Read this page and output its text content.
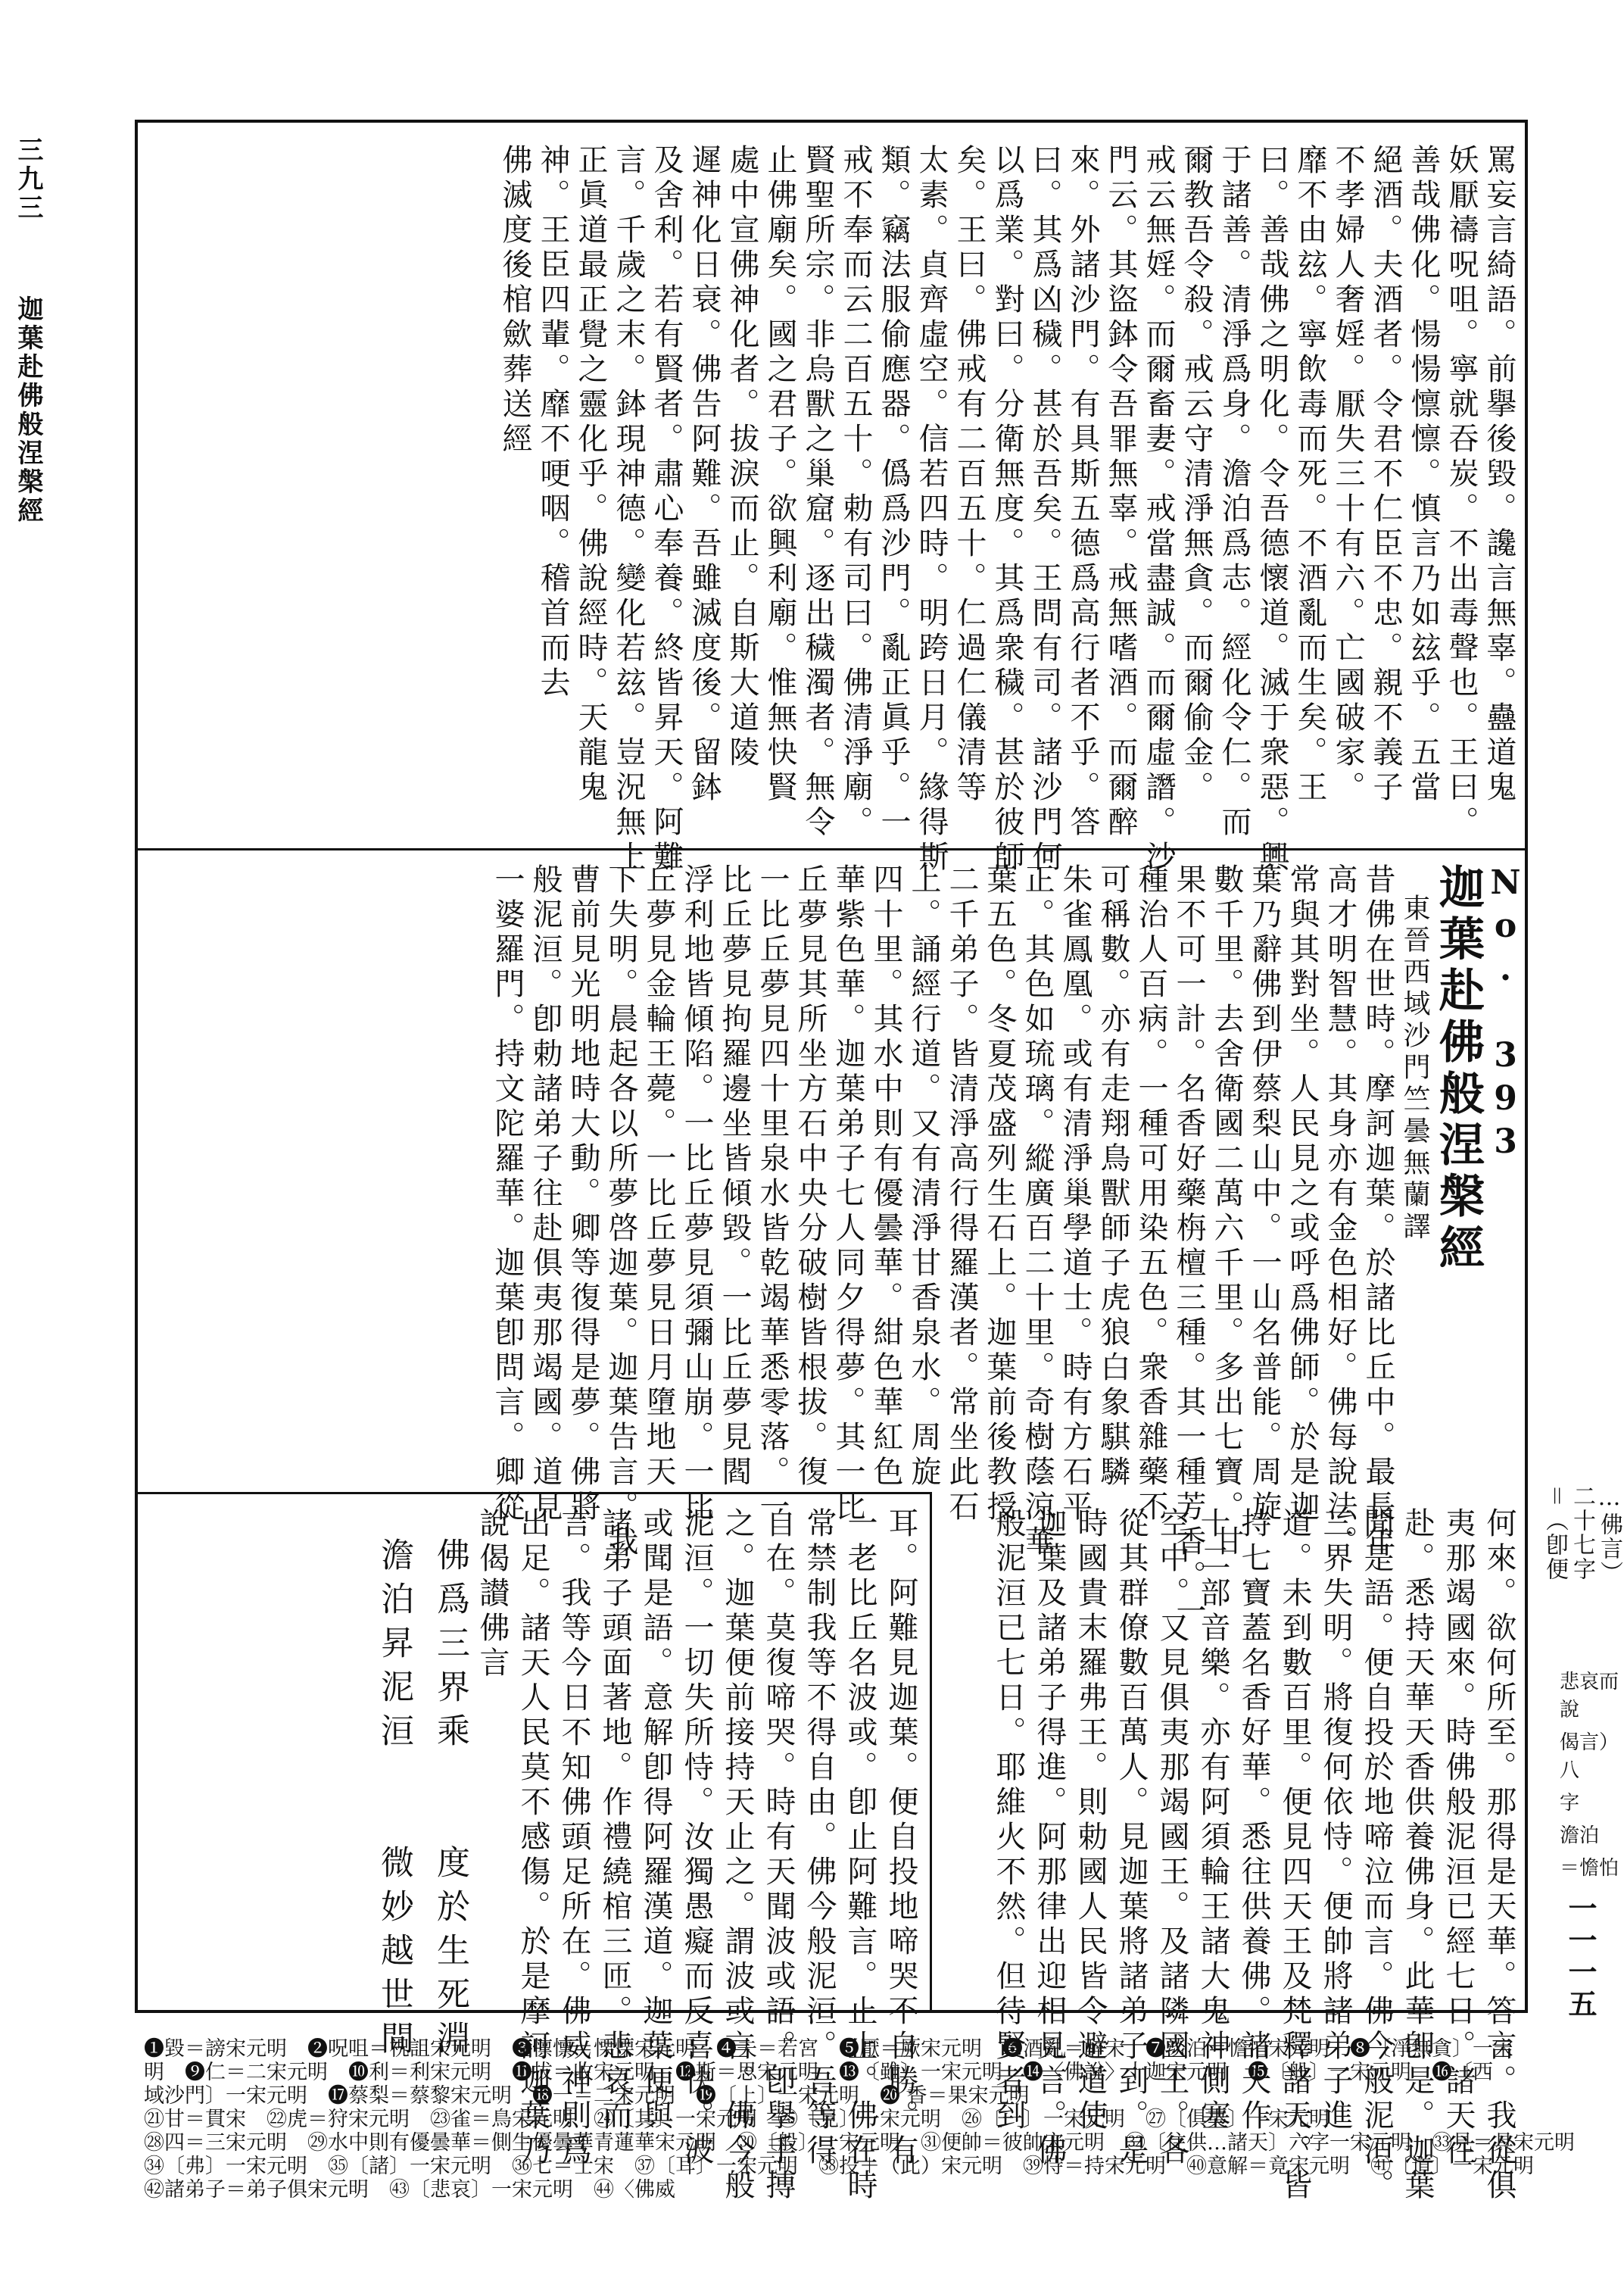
三九三
迦葉赴佛般涅槃經	罵妄言綺語。前擧後毀。讒言無辜。蠱道鬼
妖厭禱呪咀。寧就吞炭。不出毒聲也。王曰。
善哉佛化。愓愓懔懔。慎言乃如玆乎。五當
絕酒。夫酒者。令君不仁臣不忠。親不義子
不孝婦人奢婬。厭失三十有六。亡國破家。
靡不由玆。寧飲毒而死。不酒亂而生矣。王
曰。善哉佛之明化。令吾德懷道。滅于衆惡。興
于諸善。清淨爲身。澹泊爲志。經化令仁。而
爾教吾令殺。戒云守清淨無貪。而爾偷金。
戒云無婬。而爾畜妻。戒當盡誠。而爾虛譖。沙
門云。其盜鉢令吾罪無辜。戒無嗜酒。而爾醉
來。外諸沙門。有具斯五德爲高行者不乎。答
曰。其爲凶穢。甚於吾矣。王問有司。諸沙門何
以爲業。對曰。分衛無度。其爲衆穢。甚於彼師
矣。王曰。佛戒有二百五十。仁過仁儀清等
太素。貞齊虛空。信若四時。明跨日月。緣得斯
類。竊法服偷應器。僞爲沙門。亂正眞乎。一
戒不奉而云二百五十。勅有司曰。佛清淨廟。
賢聖所宗。非烏獸之巢窟。逐出穢濁者。無令
止佛廟矣。國之君子。欲興利廟。惟無快賢
處中宣佛神化者。拔淚而止。自斯大道陵
遲神化日衰。佛告阿難。吾雖滅度後。留鉢
及舍利。若有賢者。肅心奉養。終皆昇天。阿難
言。千歲之末。鉢現神德。變化若玆。豈況無上
正眞道最正覺之靈化乎。佛說經時。天龍鬼
神。王臣四輩。靡不哽咽。稽首而去
佛滅度後棺歛葬送經
No. 393
迦葉赴佛般涅槃經
東晉西域沙門竺曇無蘭譯
昔佛在世時。摩訶迦葉。於諸比丘中。最長年
高才明智慧。其身亦有金色相好。佛每說法。
常與其對坐。人民見之或呼爲佛師。於是迦
葉乃辭佛到伊蔡梨山中。一山名普能。周旋
數千里。去舍衛國二萬六千里。多出七寶。甘
果不可一計。名香好藥栴檀三種。其一種芳香。一
種治人百病。一種可用染五色。衆香雜藥不
可稱數。亦有走翔鳥獸師子虎狼白象騏驎
朱雀鳳凰。或有清淨巢學道士。時有方石平
正。其色如琉璃。縱廣百二十里。奇樹蔭涼華
葉五色。冬夏茂盛列生石上。迦葉前後教授
二千弟子。皆清淨高行得羅漢者。常坐此石
上。誦經行道。又有清淨甘香泉水。周旋
四十里。其水中則有優曇華。紺色華紅色
華紫色華。迦葉弟子七人同夕得夢。其一比
丘夢見其所坐方石中央分破樹皆根拔。復
一比丘夢見四十里泉水皆乾竭華悉零落。一
比丘夢見拘羅邊坐皆傾毀。一比丘夢見閻
浮利地皆傾陷。一比丘夢見須彌山崩。一比
丘夢見金輪王薨。一比丘夢見日月墮地天
下失明。晨起各以所夢啓迦葉。迦葉告言。我
曹前見光明地時大動。卿等復得是夢。佛將
般泥洹。卽勅諸弟子往赴俱夷那竭國。道見
一婆羅門。持文陀羅華。迦葉卽問言。卿從
何來。欲何所至。那得是天華。答言。我從俱
夷那竭國來。時佛般泥洹已經七日。諸天往
赴。悉持天華天香供養佛身。此華卽是。迦葉
聞是語。便自投於地啼泣而言。佛今般泥洹。
三界失明。將復何依恃。便帥將諸弟子進
道。未到數百里。便見四天王及梵釋諸天。皆
持七寶蓋名香好華。悉往供養佛。諸天作
十二部音樂。亦有阿須輪王諸大鬼神側塞
空中。又見俱夷那竭國王。及諸隣國王。各
從其群僚數百萬人。見迦葉將諸弟子到。是
時國貴末羅弗王。則勅國人民皆令避道使
迦葉及諸弟子得進。阿那律出迎相見言。佛
般泥洹已七日。耶維火不然。但待賢者到
耳。阿難見迦葉。便自投地啼哭不自勝。有
一老比丘名波或。卽止阿難言。止止。佛在時
常禁制我等不得自由。佛今般泥洹。吾等得
自在。莫復啼哭。時有天聞波或語。卽擧手搏
之。迦葉便前接持天止之。謂波或言。佛今般
泥洹。一切失所恃。汝獨愚癡而反喜快。波
或聞是語。意解卽得阿羅漢道。迦葉便與
諸弟子頭面著地。作禮繞棺三匝。悲哀而
言。我等今日不知佛頭足所在。佛威神則爲
出足。諸天人民莫不感傷。於是摩訶迦葉乃
說偈讃佛言
佛爲三界乘　　度於生死淵
澹泊昇泥洹　　微妙越世間
…佛言）
二十七字
＝（卽便
悲哀而說
偈言）八
字
澹泊
＝憺怕
一一一五
❶毀＝謗宋元明　❷呪咀＝祝詛宋元明　❸懔懔＝慄慄宋元明　❹夫＝若宮　❺厭＝厥宋元明　❻酒亂＝醉宋　❼淡泊＝憺怕宋元明　❽〔淨無貪〕一宋
明　❾仁＝二宋元明　❿利＝利宋元明　⓫拔＝收宋元明　⓬斯＝思宋元明　⓭〔雖〕一宋元明　⓮〈佛說〉十迦宋元明　⓯〔般〕一宋元明　⓰〔西
域沙門〕一宋元明　⓱蔡梨＝蔡黎宋元明　⓲一＝二宋元明　⓳〔上〕一宋元明　⓴ 香＝果宋元明
㉑甘＝貫宋　㉒虎＝狩宋元明　㉓雀＝鳥宋元明　㉔〔其〕一宋元明　㉕〔見〕一宋元明　㉖〔一〕一宋元明　㉗〔俱夷〕一宋元明
㉘四＝三宋元明　㉙水中則有優曇華＝側生優曇華青蓮華宋元明　㉚〔般〕一宋元明　㉛便帥＝彼帥宋元明　㉜〔往供…諸天〕六字一宋元明　㉝見＝具宋元明
㉞〔弗〕一宋元明　㉟〔諸〕一宋元明　㊱七＝士宋　㊲〔耳〕一宋元明　㊳投＋（此）宋元明　㊴恃＝持宋元明　㊵意解＝竟宋元明　㊶〔道〕一宋元明
㊷諸弟子＝弟子俱宋元明　㊸〔悲哀〕一宋元明　㊹〈佛威
